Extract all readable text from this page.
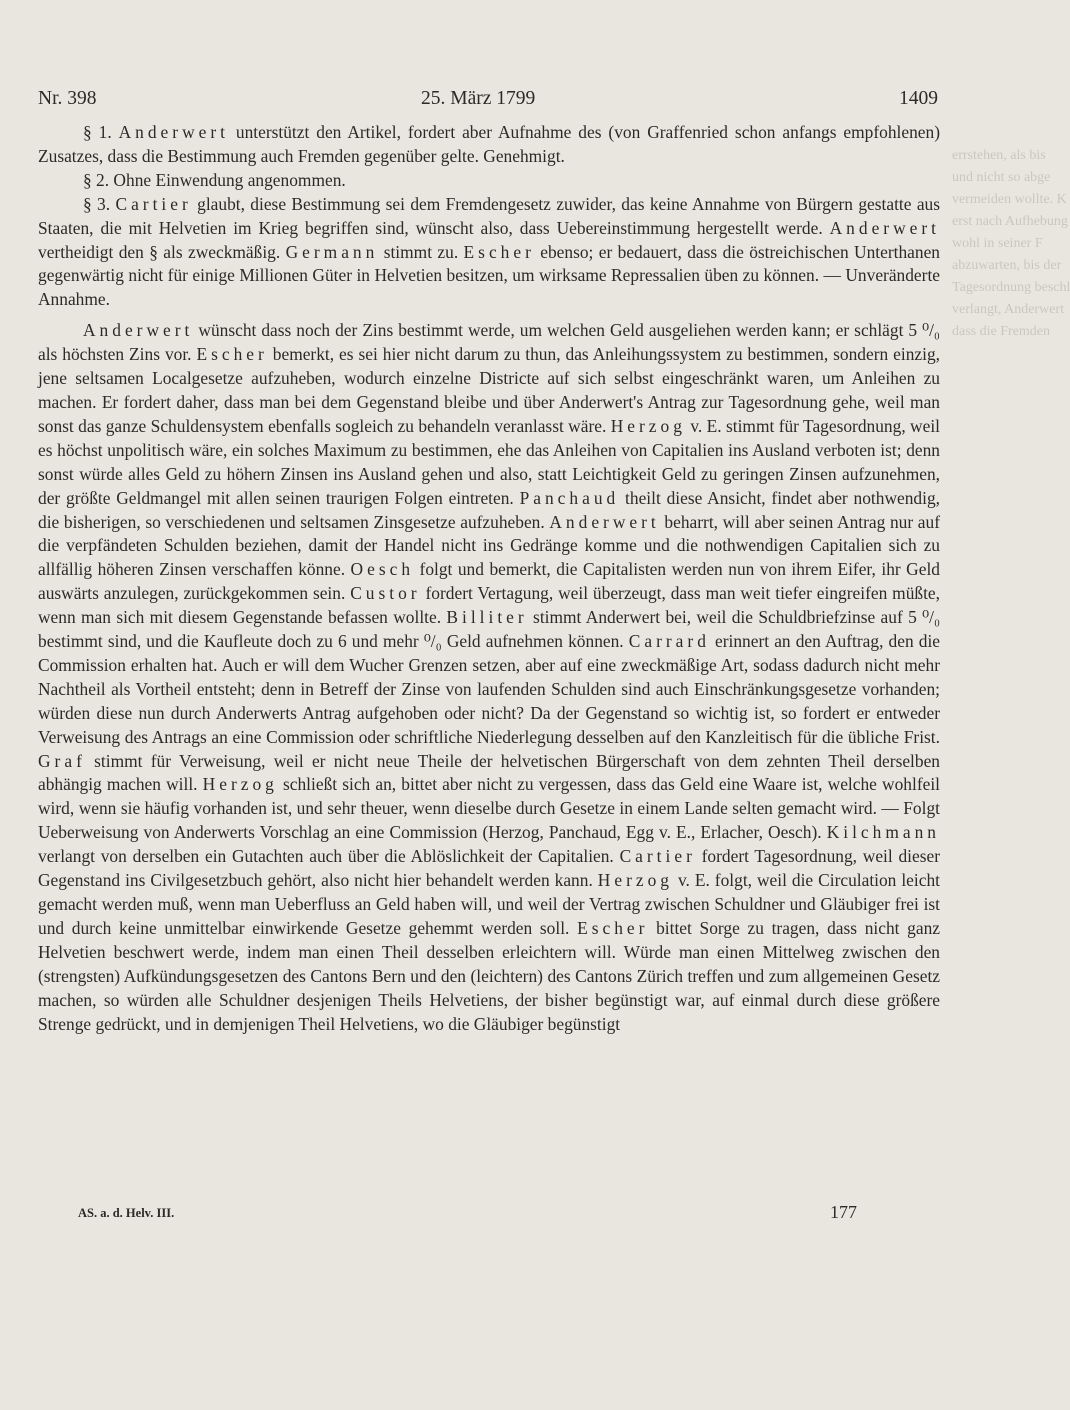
errstehen, als bis
und nicht so abge
vermeiden wollte. K
erst nach Aufhebung
wohl in seiner F
abzuwarten, bis der
Tagesordnung beschl
verlangt, Anderwert
dass die Fremden
Nr. 398	25. März 1799	1409

§ 1. Anderwert unterstützt den Artikel, fordert aber Aufnahme des (von Graffenried schon anfangs empfohlenen) Zusatzes, dass die Bestimmung auch Fremden gegenüber gelte. Genehmigt.

§ 2. Ohne Einwendung angenommen.

§ 3. Cartier glaubt, diese Bestimmung sei dem Fremdengesetz zuwider, das keine Annahme von Bürgern gestatte aus Staaten, die mit Helvetien im Krieg begriffen sind, wünscht also, dass Uebereinstimmung hergestellt werde. Anderwert vertheidigt den § als zweckmäßig. Germann stimmt zu. Escher ebenso; er bedauert, dass die östreichischen Unterthanen gegenwärtig nicht für einige Millionen Güter in Helvetien besitzen, um wirksame Repressalien üben zu können. — Unveränderte Annahme.

Anderwert wünscht dass noch der Zins bestimmt werde, um welchen Geld ausgeliehen werden kann; er schlägt 5 ⁰/₀ als höchsten Zins vor. Escher bemerkt, es sei hier nicht darum zu thun, das Anleihungssystem zu bestimmen, sondern einzig, jene seltsamen Localgesetze aufzuheben, wodurch einzelne Districte auf sich selbst eingeschränkt waren, um Anleihen zu machen. Er fordert daher, dass man bei dem Gegenstand bleibe und über Anderwert's Antrag zur Tagesordnung gehe, weil man sonst das ganze Schuldensystem ebenfalls sogleich zu behandeln veranlasst wäre. Herzog v. E. stimmt für Tagesordnung, weil es höchst unpolitisch wäre, ein solches Maximum zu bestimmen, ehe das Anleihen von Capitalien ins Ausland verboten ist; denn sonst würde alles Geld zu höhern Zinsen ins Ausland gehen und also, statt Leichtigkeit Geld zu geringen Zinsen aufzunehmen, der größte Geldmangel mit allen seinen traurigen Folgen eintreten. Panchaud theilt diese Ansicht, findet aber nothwendig, die bisherigen, so verschiedenen und seltsamen Zinsgesetze aufzuheben. Anderwert beharrt, will aber seinen Antrag nur auf die verpfändeten Schulden beziehen, damit der Handel nicht ins Gedränge komme und die nothwendigen Capitalien sich zu allfällig höheren Zinsen verschaffen könne. Oesch folgt und bemerkt, die Capitalisten werden nun von ihrem Eifer, ihr Geld auswärts anzulegen, zurückgekommen sein. Custor fordert Vertagung, weil überzeugt, dass man weit tiefer eingreifen müßte, wenn man sich mit diesem Gegenstande befassen wollte. Billiter stimmt Anderwert bei, weil die Schuldbriefzinse auf 5 ⁰/₀ bestimmt sind, und die Kaufleute doch zu 6 und mehr ⁰/₀ Geld aufnehmen können. Carrard erinnert an den Auftrag, den die Commission erhalten hat. Auch er will dem Wucher Grenzen setzen, aber auf eine zweckmäßige Art, sodass dadurch nicht mehr Nachtheil als Vortheil entsteht; denn in Betreff der Zinse von laufenden Schulden sind auch Einschränkungsgesetze vorhanden; würden diese nun durch Anderwerts Antrag aufgehoben oder nicht? Da der Gegenstand so wichtig ist, so fordert er entweder Verweisung des Antrags an eine Commission oder schriftliche Niederlegung desselben auf den Kanzleitisch für die übliche Frist. Graf stimmt für Verweisung, weil er nicht neue Theile der helvetischen Bürgerschaft von dem zehnten Theil derselben abhängig machen will. Herzog schließt sich an, bittet aber nicht zu vergessen, dass das Geld eine Waare ist, welche wohlfeil wird, wenn sie häufig vorhanden ist, und sehr theuer, wenn dieselbe durch Gesetze in einem Lande selten gemacht wird. — Folgt Ueberweisung von Anderwerts Vorschlag an eine Commission (Herzog, Panchaud, Egg v. E., Erlacher, Oesch). Kilchmann verlangt von derselben ein Gutachten auch über die Ablöslichkeit der Capitalien. Cartier fordert Tagesordnung, weil dieser Gegenstand ins Civilgesetzbuch gehört, also nicht hier behandelt werden kann. Herzog v. E. folgt, weil die Circulation leicht gemacht werden muß, wenn man Ueberfluss an Geld haben will, und weil der Vertrag zwischen Schuldner und Gläubiger frei ist und durch keine unmittelbar einwirkende Gesetze gehemmt werden soll. Escher bittet Sorge zu tragen, dass nicht ganz Helvetien beschwert werde, indem man einen Theil desselben erleichtern will. Würde man einen Mittelweg zwischen den (strengsten) Aufkündungsgesetzen des Cantons Bern und den (leichtern) des Cantons Zürich treffen und zum allgemeinen Gesetz machen, so würden alle Schuldner desjenigen Theils Helvetiens, der bisher begünstigt war, auf einmal durch diese größere Strenge gedrückt, und in demjenigen Theil Helvetiens, wo die Gläubiger begünstigt

AS. a. d. Helv. III.	177
